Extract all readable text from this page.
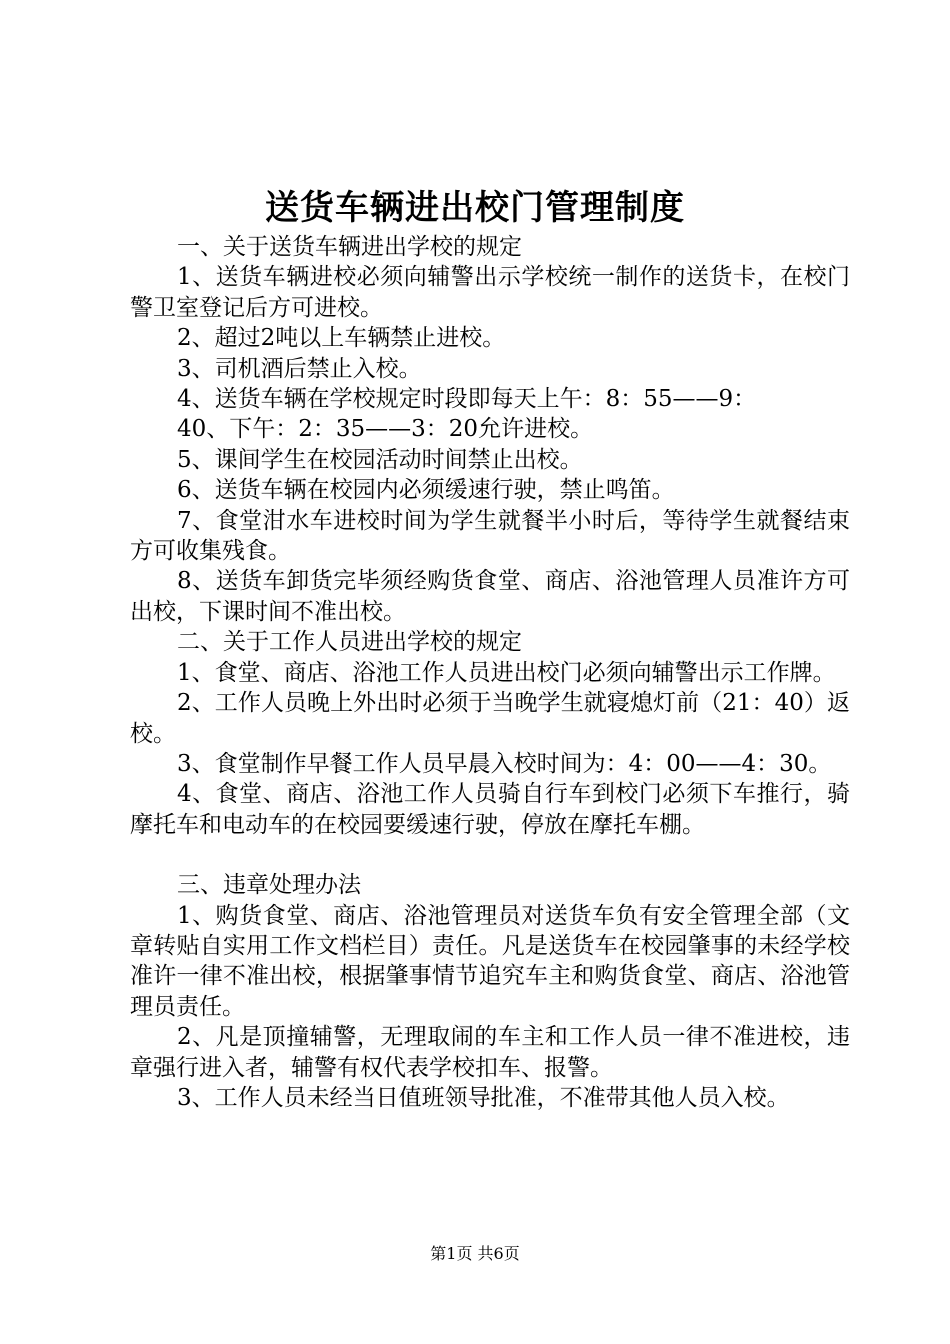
送货车辆进出校门管理制度

一、关于送货车辆进出学校的规定

1、送货车辆进校必须向辅警出示学校统一制作的送货卡，在校门警卫室登记后方可进校。

2、超过2吨以上车辆禁止进校。

3、司机酒后禁止入校。

4、送货车辆在学校规定时段即每天上午：8：55——9：

40、下午：2：35——3：20允许进校。

5、课间学生在校园活动时间禁止出校。

6、送货车辆在校园内必须缓速行驶，禁止鸣笛。

7、食堂泔水车进校时间为学生就餐半小时后，等待学生就餐结束方可收集残食。

8、送货车卸货完毕须经购货食堂、商店、浴池管理人员准许方可出校，下课时间不准出校。

二、关于工作人员进出学校的规定

1、食堂、商店、浴池工作人员进出校门必须向辅警出示工作牌。

2、工作人员晚上外出时必须于当晚学生就寝熄灯前（21：40）返校。

3、食堂制作早餐工作人员早晨入校时间为：4：00——4：30。

4、食堂、商店、浴池工作人员骑自行车到校门必须下车推行，骑摩托车和电动车的在校园要缓速行驶，停放在摩托车棚。

三、违章处理办法

1、购货食堂、商店、浴池管理员对送货车负有安全管理全部（文章转贴自实用工作文档栏目）责任。凡是送货车在校园肇事的未经学校准许一律不准出校，根据肇事情节追究车主和购货食堂、商店、浴池管理员责任。

2、凡是顶撞辅警，无理取闹的车主和工作人员一律不准进校，违章强行进入者，辅警有权代表学校扣车、报警。

3、工作人员未经当日值班领导批准，不准带其他人员入校。

第1页 共6页
